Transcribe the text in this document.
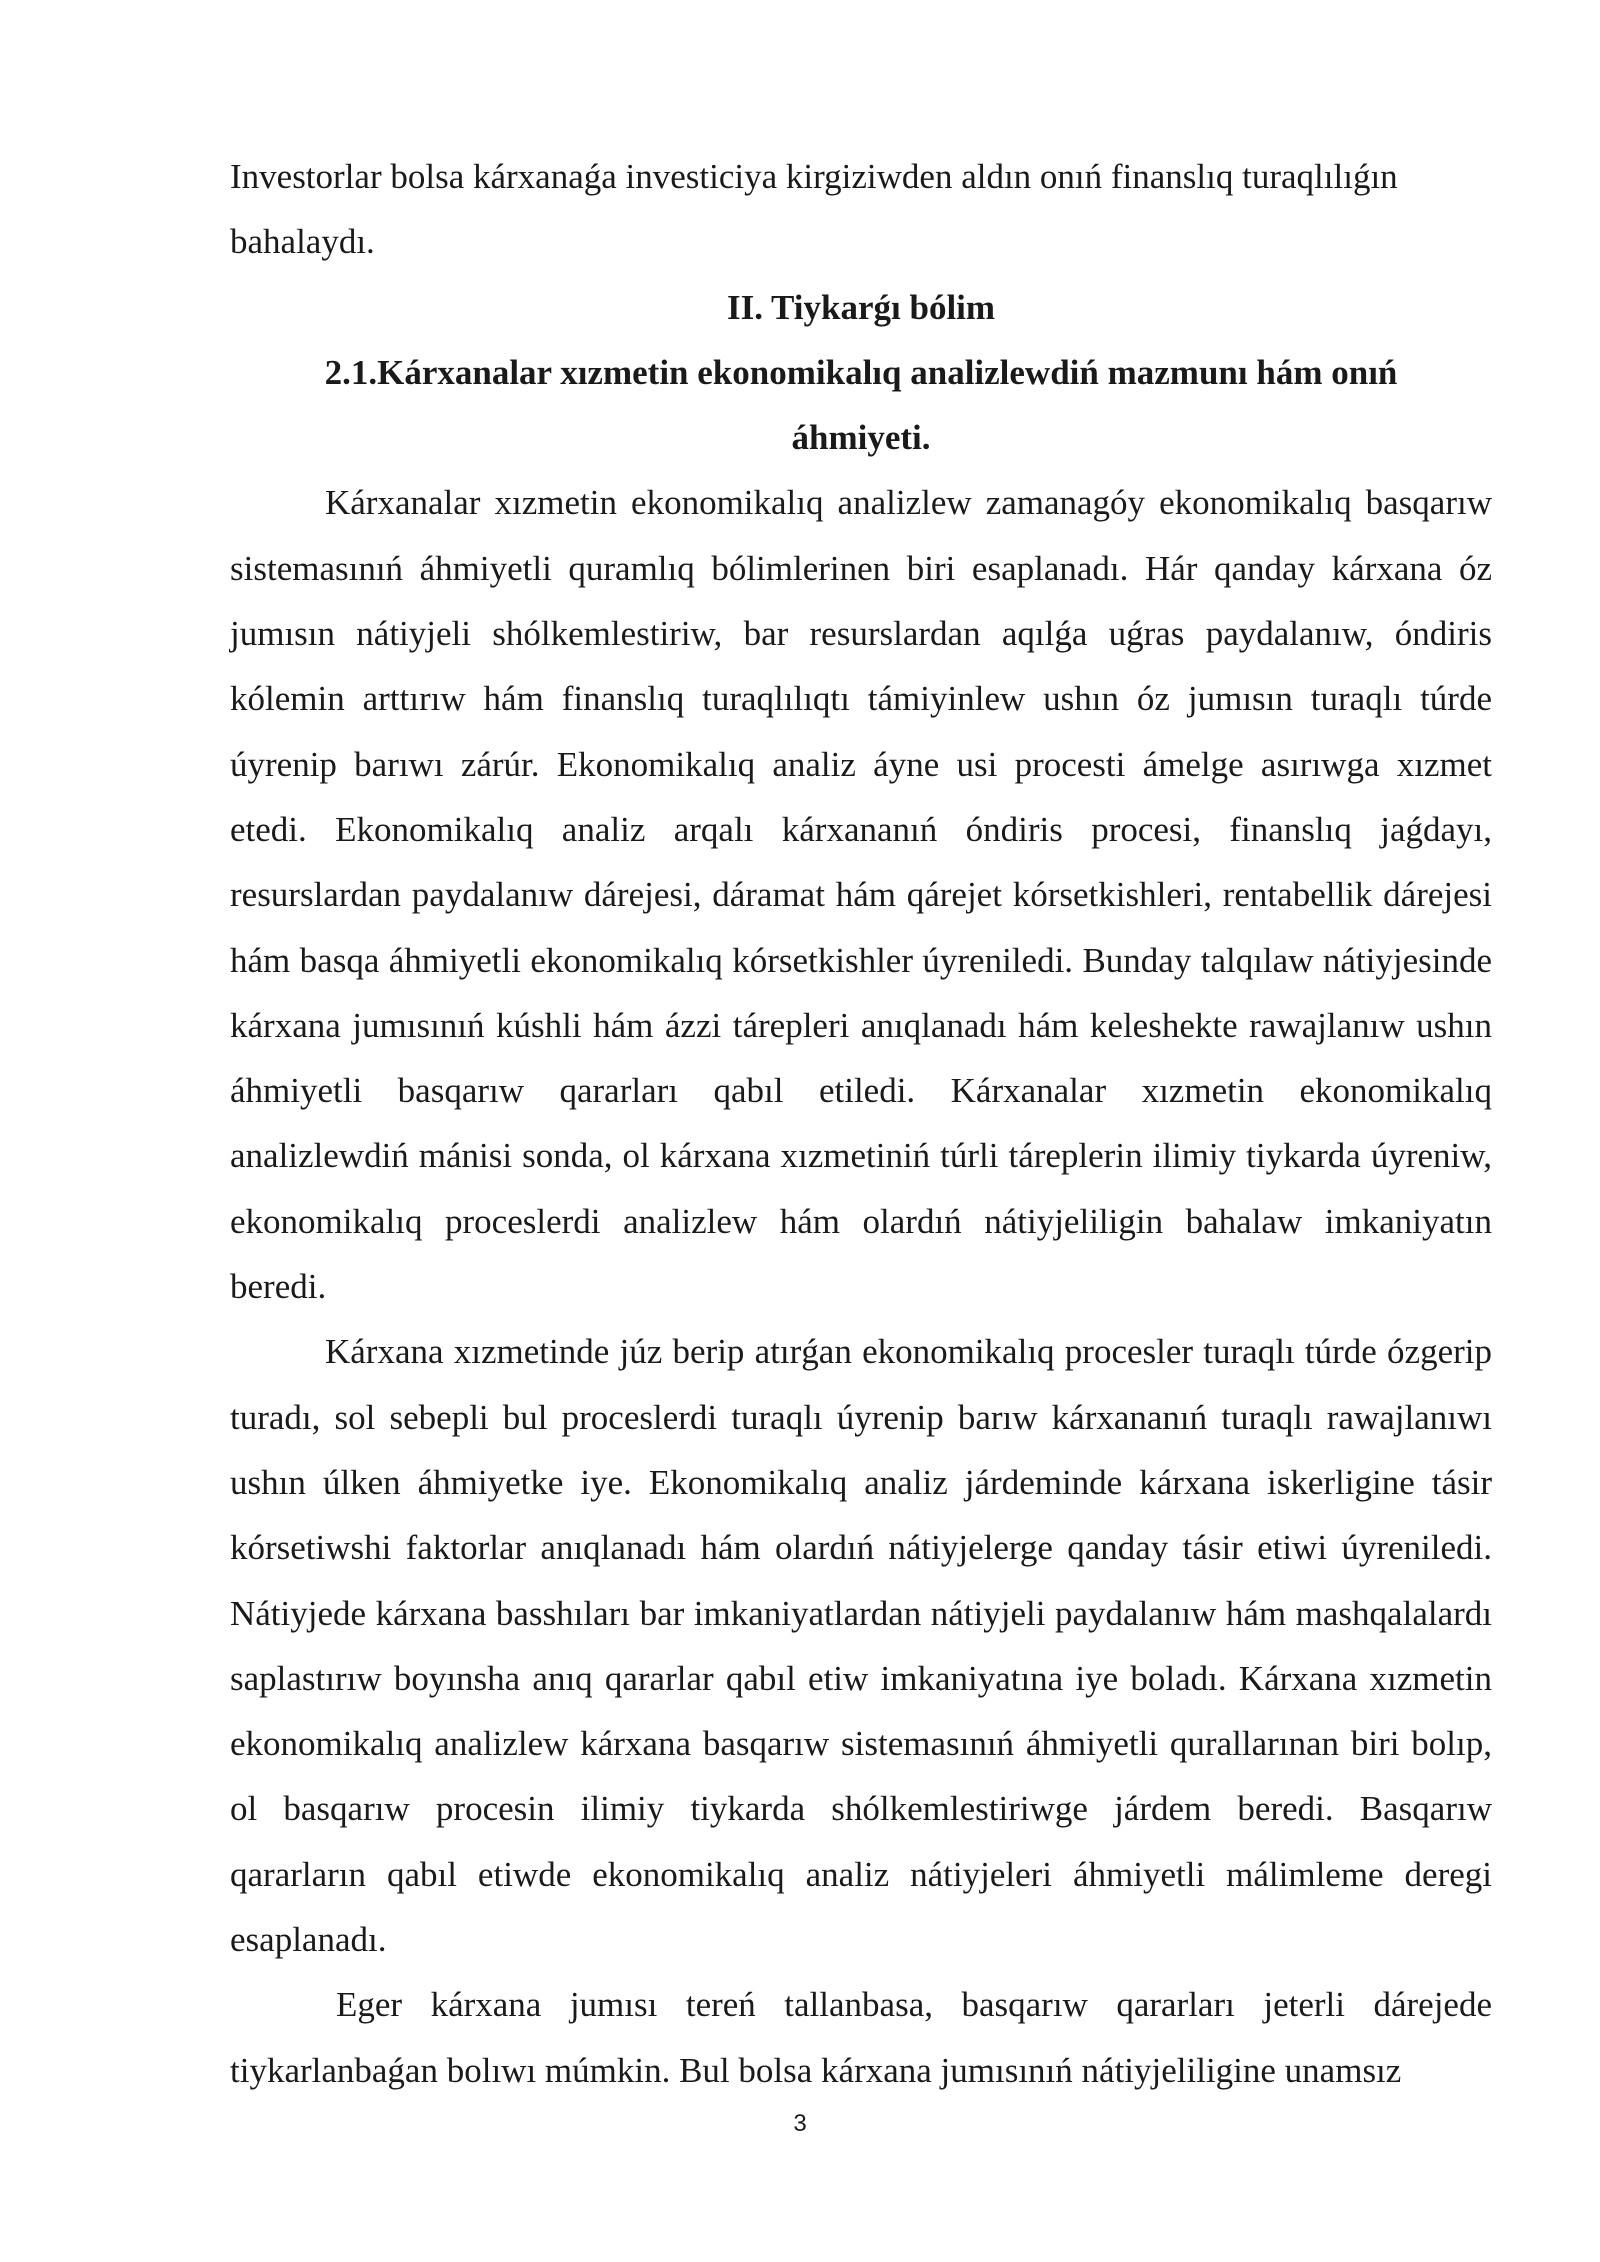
Investorlar bolsa kárxanaǵa investiciya kirgiziwden aldın onıń finanslıq turaqlılıǵın bahalaydı.

II. Tiykarǵı bólim
2.1.Kárxanalar xızmetin ekonomikalıq analizlewdiń mazmunı hám onıń áhmiyeti.

Kárxanalar xızmetin ekonomikalıq analizlew zamanagóy ekonomikalıq basqarıw sistemasınıń áhmiyetli quramlıq bólimlerinen biri esaplanadı. Hár qanday kárxana óz jumısın nátiyjeli shólkemlestiriw, bar resurslardan aqılǵa uǵras paydalanıw, óndiris kólemin arttırıw hám finanslıq turaqlılıqtı támiyinlew ushın óz jumısın turaqlı túrde úyrenip barıwı zárúr. Ekonomikalıq analiz áyne usi procesti ámelge asırıwga xızmet etedi. Ekonomikalıq analiz arqalı kárxananıń óndiris procesi, finanslıq jaǵdayı, resurslardan paydalanıw dárejesi, dáramat hám qárejet kórsetkishleri, rentabellik dárejesi hám basqa áhmiyetli ekonomikalıq kórsetkishler úyreniledi. Bunday talqılaw nátiyjesinde kárxana jumısınıń kúshli hám ázzi tárepleri anıqlanadı hám keleshekte rawajlanıw ushın áhmiyetli basqarıw qararları qabıl etiledi. Kárxanalar xızmetin ekonomikalıq analizlewdiń mánisi sonda, ol kárxana xızmetiniń túrli táreplerin ilimiy tiykarda úyreniw, ekonomikalıq proceslerdi analizlew hám olardıń nátiyjeliligin bahalaw imkaniyatın beredi.

Kárxana xızmetinde júz berip atırǵan ekonomikalıq procesler turaqlı túrde ózgerip turadı, sol sebepli bul proceslerdi turaqlı úyrenip barıw kárxananıń turaqlı rawajlanıwı ushın úlken áhmiyetke iye. Ekonomikalıq analiz járdeminde kárxana iskerligine tásir kórsetiwshi faktorlar anıqlanadı hám olardıń nátiyjelerge qanday tásir etiwi úyreniledi. Nátiyjede kárxana basshıları bar imkaniyatlardan nátiyjeli paydalanıw hám mashqalalardı saplastırıw boyınsha anıq qararlar qabıl etiw imkaniyatına iye boladı. Kárxana xızmetin ekonomikalıq analizlew kárxana basqarıw sistemasınıń áhmiyetli qurallarınan biri bolıp, ol basqarıw procesin ilimiy tiykarda shólkemlestiriwge járdem beredi. Basqarıw qararların qabıl etiwde ekonomikalıq analiz nátiyjeleri áhmiyetli málimleme deregi esaplanadı.

Eger kárxana jumısı tereń tallanbasa, basqarıw qararları jeterli dárejede tiykarlanbaǵan bolıwı múmkin. Bul bolsa kárxana jumısınıń nátiyjeliligine unamsız

3
